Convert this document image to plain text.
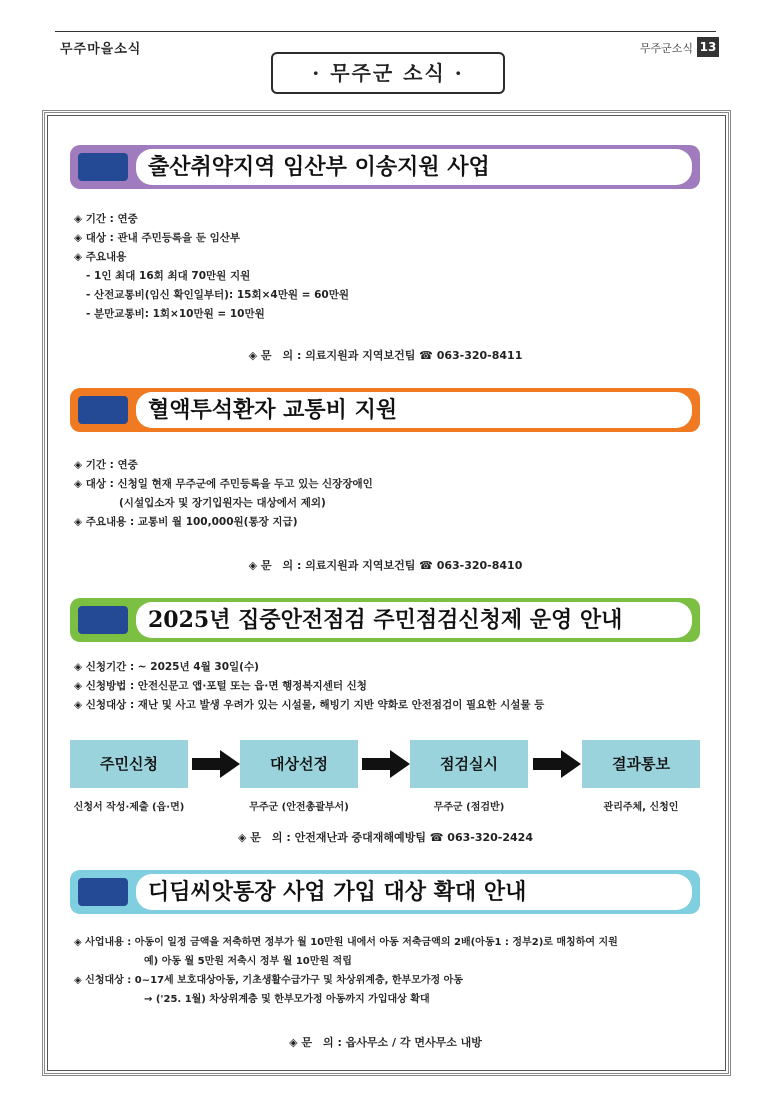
무주마을소식	무주군소식 13
· 무주군 소식 ·
출산취약지역 임산부 이송지원 사업
◈ 기간 : 연중
◈ 대상 : 관내 주민등록을 둔 임산부
◈ 주요내용
- 1인 최대 16회 최대 70만원 지원
- 산전교통비(임신 확인일부터): 15회×4만원 = 60만원
- 분만교통비: 1회×10만원 = 10만원
◈ 문　의 : 의료지원과 지역보건팀 ☎ 063-320-8411
혈액투석환자 교통비 지원
◈ 기간 : 연중
◈ 대상 : 신청일 현재 무주군에 주민등록을 두고 있는 신장장애인
(시설입소자 및 장기입원자는 대상에서 제외)
◈ 주요내용 : 교통비 월 100,000원(통장 지급)
◈ 문　의 : 의료지원과 지역보건팀 ☎ 063-320-8410
2025년 집중안전점검 주민점검신청제 운영 안내
◈ 신청기간 : ~ 2025년 4월 30일(수)
◈ 신청방법 : 안전신문고 앱·포털 또는 읍·면 행정복지센터 신청
◈ 신청대상 : 재난 및 사고 발생 우려가 있는 시설물, 해빙기 지반 약화로 안전점검이 필요한 시설물 등
주민신청	대상선정	점검실시	결과통보
신청서 작성·제출 (읍·면)	무주군 (안전총괄부서)	무주군 (점검반)	관리주체, 신청인
◈ 문　의 : 안전재난과 중대재해예방팀 ☎ 063-320-2424
디딤씨앗통장 사업 가입 대상 확대 안내
◈ 사업내용 : 아동이 일정 금액을 저축하면 정부가 월 10만원 내에서 아동 저축금액의 2배(아동1 : 정부2)로 매칭하여 지원
예) 아동 월 5만원 저축시 정부 월 10만원 적립
◈ 신청대상 : 0~17세 보호대상아동, 기초생활수급가구 및 차상위계층, 한부모가정 아동
→ ('25. 1월) 차상위계층 및 한부모가정 아동까지 가입대상 확대
◈ 문　의 : 읍사무소 / 각 면사무소 내방
